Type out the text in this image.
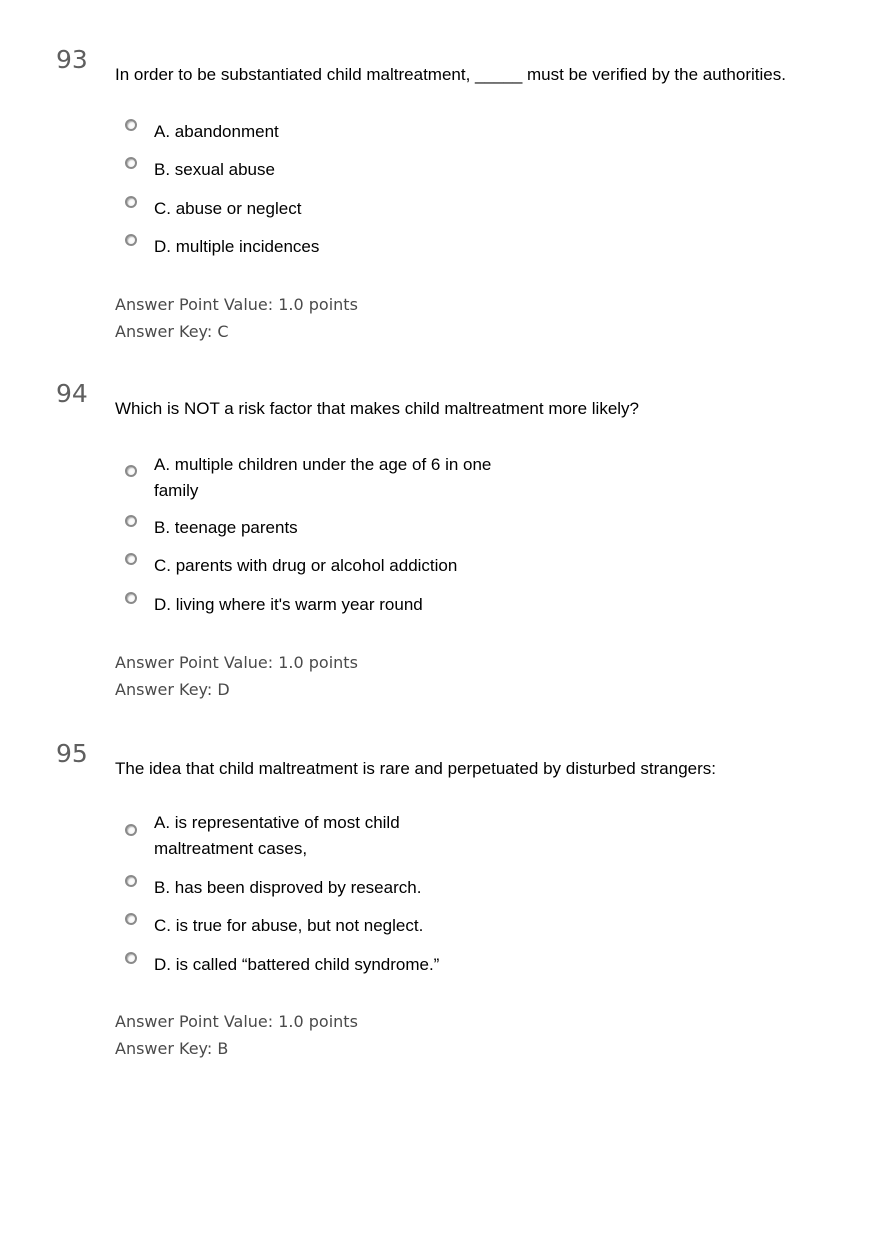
93
In order to be substantiated child maltreatment, _____ must be verified by the authorities.
A. abandonment
B. sexual abuse
C. abuse or neglect
D. multiple incidences
Answer Point Value: 1.0 points
Answer Key: C
94
Which is NOT a risk factor that makes child maltreatment more likely?
A. multiple children under the age of 6 in one family
B. teenage parents
C. parents with drug or alcohol addiction
D. living where it's warm year round
Answer Point Value: 1.0 points
Answer Key: D
95
The idea that child maltreatment is rare and perpetuated by disturbed strangers:
A. is representative of most child maltreatment cases,
B. has been disproved by research.
C. is true for abuse, but not neglect.
D. is called “battered child syndrome.”
Answer Point Value: 1.0 points
Answer Key: B
